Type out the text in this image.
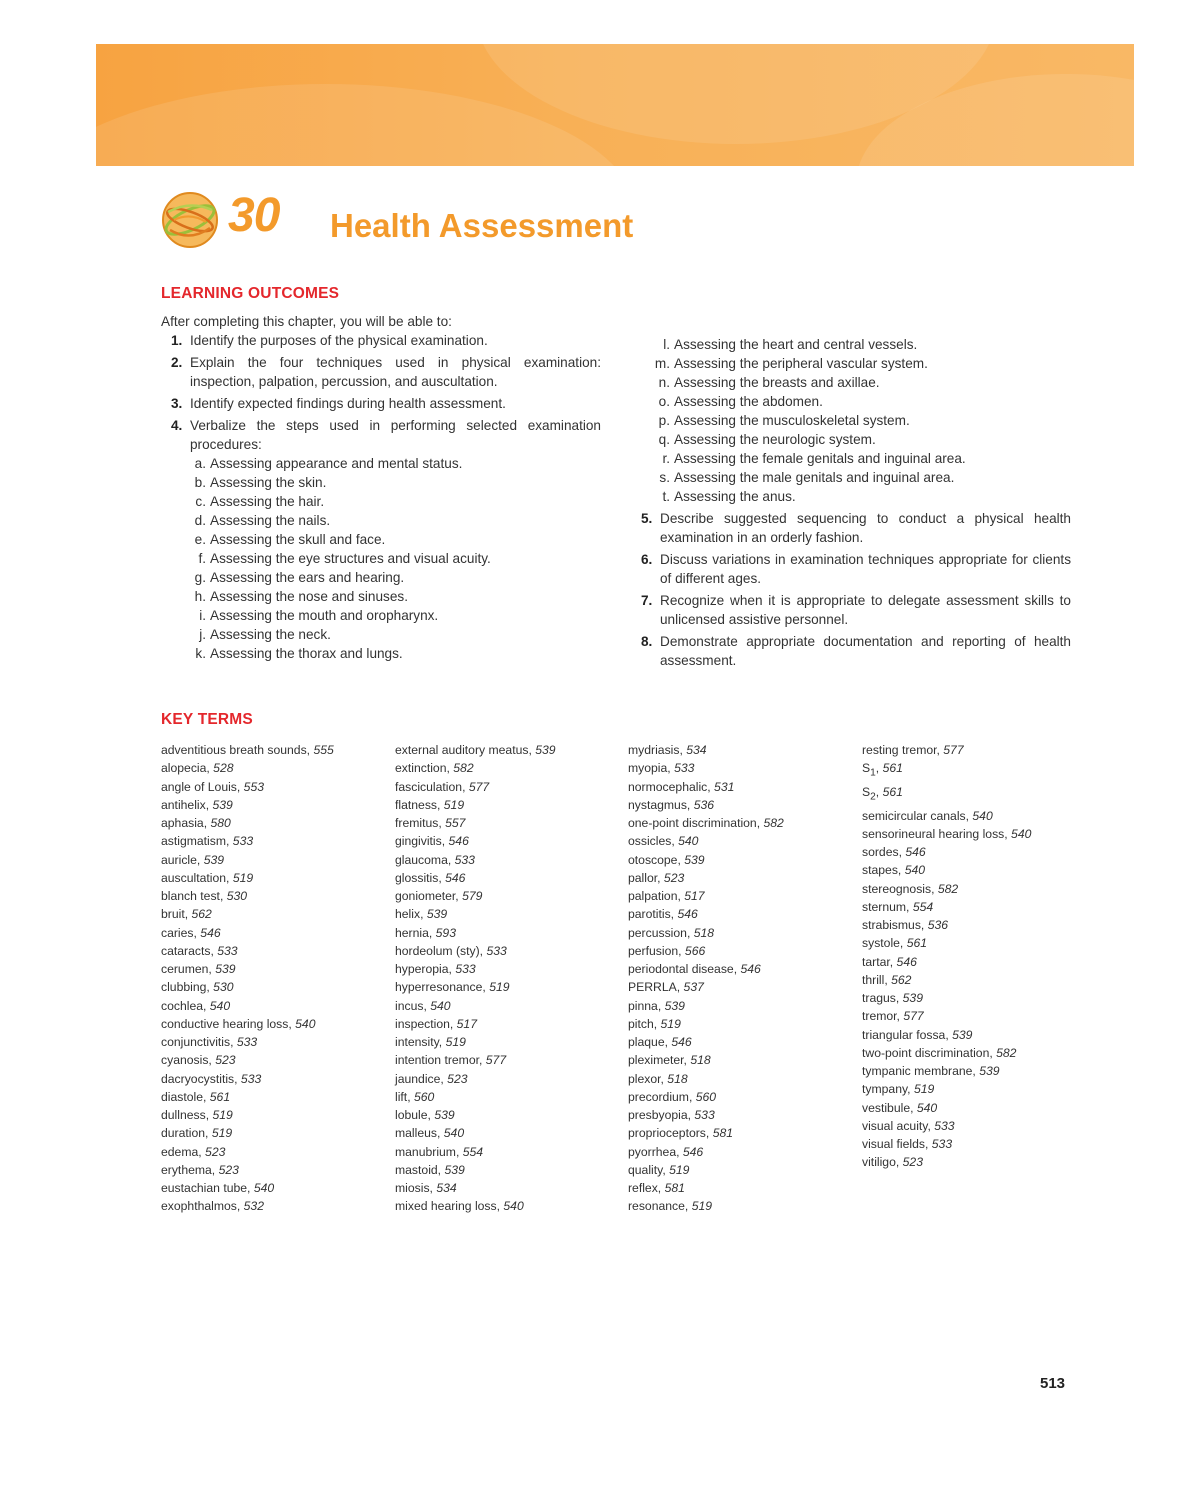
30 Health Assessment
LEARNING OUTCOMES
After completing this chapter, you will be able to:
1. Identify the purposes of the physical examination.
2. Explain the four techniques used in physical examination: inspection, palpation, percussion, and auscultation.
3. Identify expected findings during health assessment.
4. Verbalize the steps used in performing selected examination procedures:
a. Assessing appearance and mental status.
b. Assessing the skin.
c. Assessing the hair.
d. Assessing the nails.
e. Assessing the skull and face.
f. Assessing the eye structures and visual acuity.
g. Assessing the ears and hearing.
h. Assessing the nose and sinuses.
i. Assessing the mouth and oropharynx.
j. Assessing the neck.
k. Assessing the thorax and lungs.
l. Assessing the heart and central vessels.
m. Assessing the peripheral vascular system.
n. Assessing the breasts and axillae.
o. Assessing the abdomen.
p. Assessing the musculoskeletal system.
q. Assessing the neurologic system.
r. Assessing the female genitals and inguinal area.
s. Assessing the male genitals and inguinal area.
t. Assessing the anus.
5. Describe suggested sequencing to conduct a physical health examination in an orderly fashion.
6. Discuss variations in examination techniques appropriate for clients of different ages.
7. Recognize when it is appropriate to delegate assessment skills to unlicensed assistive personnel.
8. Demonstrate appropriate documentation and reporting of health assessment.
KEY TERMS
adventitious breath sounds, 555
alopecia, 528
angle of Louis, 553
antihelix, 539
aphasia, 580
astigmatism, 533
auricle, 539
auscultation, 519
blanch test, 530
bruit, 562
caries, 546
cataracts, 533
cerumen, 539
clubbing, 530
cochlea, 540
conductive hearing loss, 540
conjunctivitis, 533
cyanosis, 523
dacryocystitis, 533
diastole, 561
dullness, 519
duration, 519
edema, 523
erythema, 523
eustachian tube, 540
exophthalmos, 532
external auditory meatus, 539
extinction, 582
fasciculation, 577
flatness, 519
fremitus, 557
gingivitis, 546
glaucoma, 533
glossitis, 546
goniometer, 579
helix, 539
hernia, 593
hordeolum (sty), 533
hyperopia, 533
hyperresonance, 519
incus, 540
inspection, 517
intensity, 519
intention tremor, 577
jaundice, 523
lift, 560
lobule, 539
malleus, 540
manubrium, 554
mastoid, 539
miosis, 534
mixed hearing loss, 540
mydriasis, 534
myopia, 533
normocephalic, 531
nystagmus, 536
one-point discrimination, 582
ossicles, 540
otoscope, 539
pallor, 523
palpation, 517
parotitis, 546
percussion, 518
perfusion, 566
periodontal disease, 546
PERRLA, 537
pinna, 539
pitch, 519
plaque, 546
pleximeter, 518
plexor, 518
precordium, 560
presbyopia, 533
proprioceptors, 581
pyorrhea, 546
quality, 519
reflex, 581
resonance, 519
resting tremor, 577
$S_1$, 561
$S_2$, 561
semicircular canals, 540
sensorineural hearing loss, 540
sordes, 546
stapes, 540
stereognosis, 582
sternum, 554
strabismus, 536
systole, 561
tartar, 546
thrill, 562
tragus, 539
tremor, 577
triangular fossa, 539
two-point discrimination, 582
tympanic membrane, 539
tympany, 519
vestibule, 540
visual acuity, 533
visual fields, 533
vitiligo, 523
513
